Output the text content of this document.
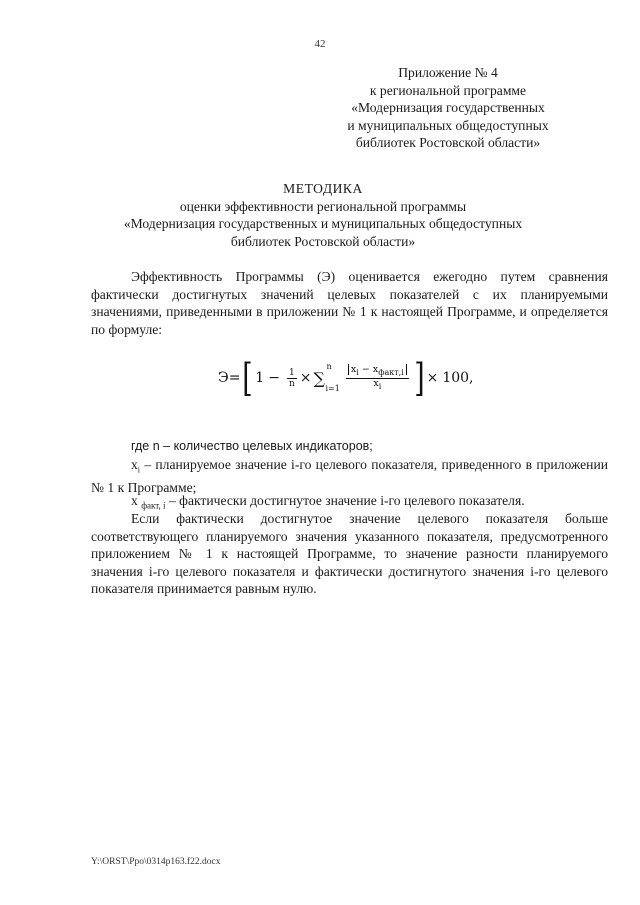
42
Приложение № 4
к региональной программе
«Модернизация государственных
и муниципальных общедоступных
библиотек Ростовской области»
МЕТОДИКА
оценки эффективности региональной программы
«Модернизация государственных и муниципальных общедоступных
библиотек Ростовской области»
Эффективность Программы (Э) оценивается ежегодно путем сравнения фактически достигнутых значений целевых показателей с их планируемыми значениями, приведенными в приложении № 1 к настоящей Программе, и определяется по формуле:
Э= [ $1 - \frac{1}{n}$ × ∑
n
$i=1 \frac{x_i - x_{факт,i}}{x_i}$ ] × 100,
где n – количество целевых индикаторов;
$x_i$ – планируемое значение i-го целевого показателя, приведенного в приложении № 1 к Программе;
x $_{факт, i}$ – фактически достигнутое значение i-го целевого показателя.
Если фактически достигнутое значение целевого показателя больше соответствующего планируемого значения указанного показателя, предусмотренного приложением № 1 к настоящей Программе, то значение разности планируемого значения i-го целевого показателя и фактически достигнутого значения i-го целевого показателя принимается равным нулю.
Y:\ORST\Ppo\0314p163.f22.docx
